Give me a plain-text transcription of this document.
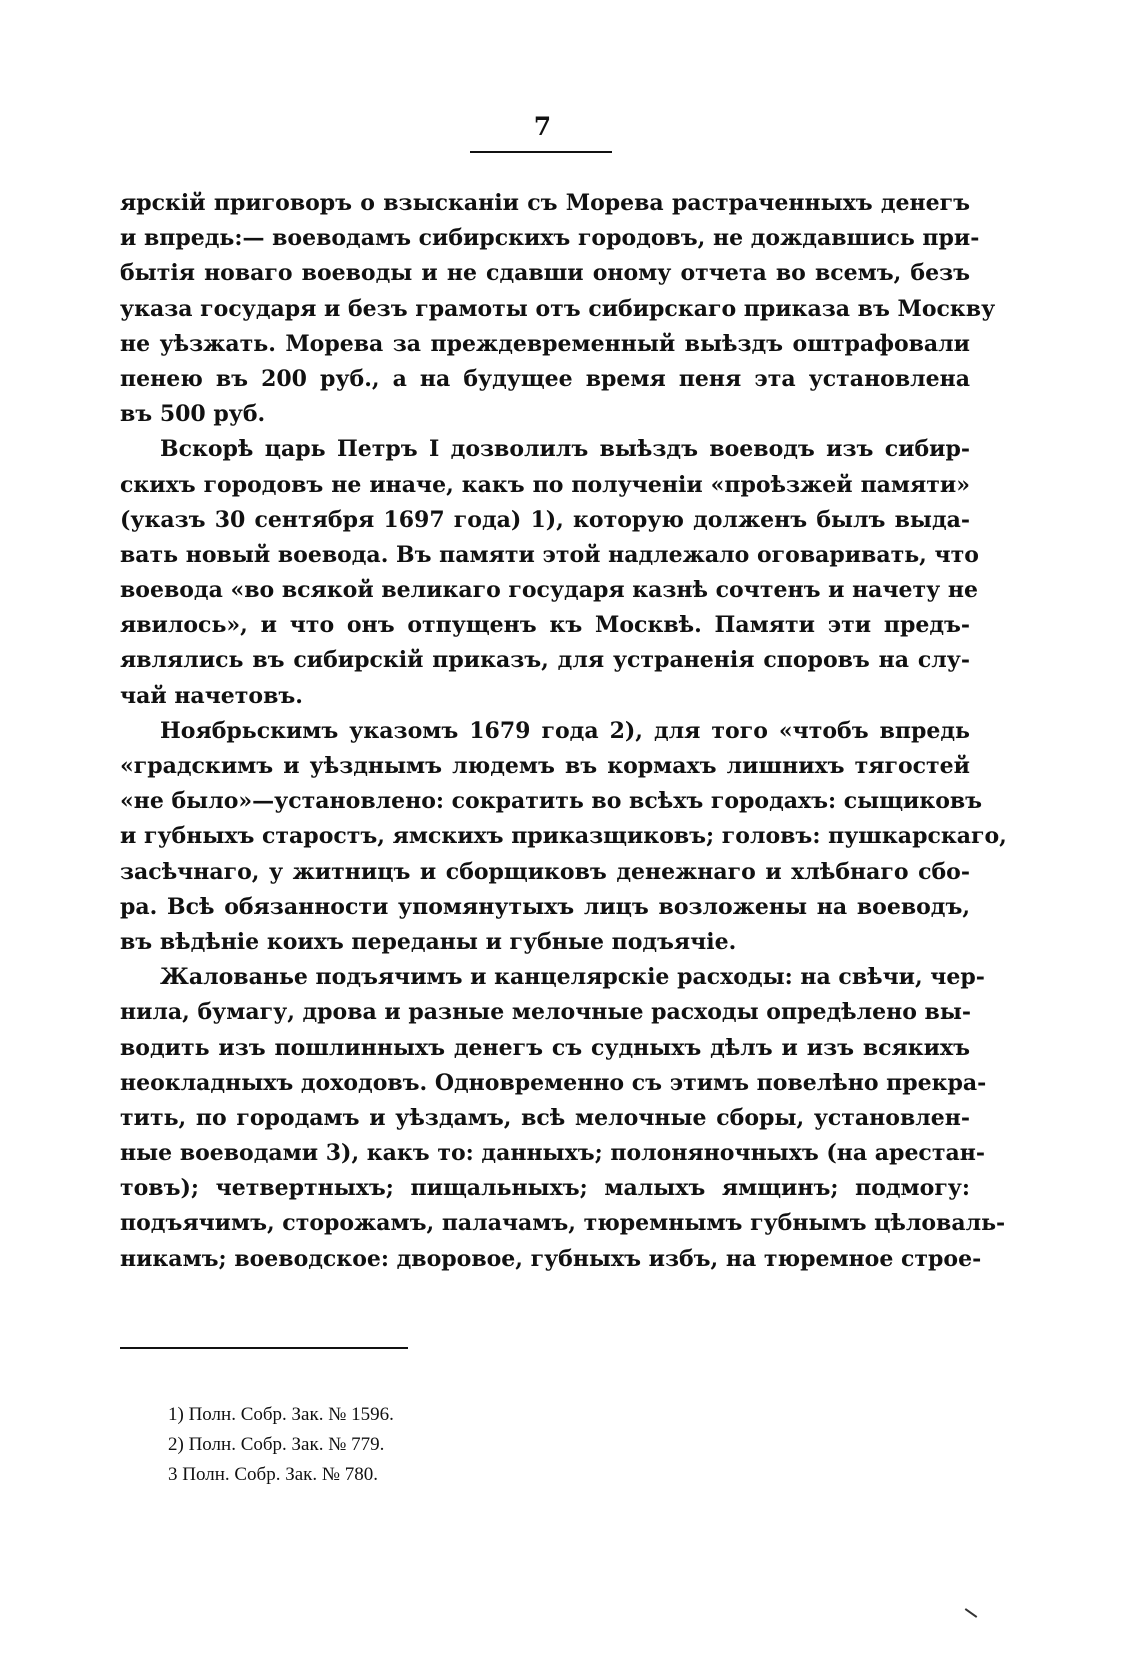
7
ярскій приговоръ о взысканіи съ Морева растраченныхъ денегъ
и впредь:— воеводамъ сибирскихъ городовъ, не дождавшись при-
бытія новаго воеводы и не сдавши оному отчета во всемъ, безъ
указа государя и безъ грамоты отъ сибирскаго приказа въ Москву
не уѣзжать. Морева за преждевременный выѣздъ оштрафовали
пенею въ 200 руб., а на будущее время пеня эта установлена
въ 500 руб.
Вскорѣ царь Петръ I дозволилъ выѣздъ воеводъ изъ сибир-
скихъ городовъ не иначе, какъ по полученіи «проѣзжей памяти»
(указъ 30 сентября 1697 года) 1), которую долженъ былъ выда-
вать новый воевода. Въ памяти этой надлежало оговаривать, что
воевода «во всякой великаго государя казнѣ сочтенъ и начету не
явилось», и что онъ отпущенъ къ Москвѣ. Памяти эти предъ-
являлись въ сибирскій приказъ, для устраненія споровъ на слу-
чай начетовъ.
Ноябрьскимъ указомъ 1679 года 2), для того «чтобъ впредь
«градскимъ и уѣзднымъ людемъ въ кормахъ лишнихъ тягостей
«не было»—установлено: сократить во всѣхъ городахъ: сыщиковъ
и губныхъ старостъ, ямскихъ приказщиковъ; головъ: пушкарскаго,
засѣчнаго, у житницъ и сборщиковъ денежнаго и хлѣбнаго сбо-
ра. Всѣ обязанности упомянутыхъ лицъ возложены на воеводъ,
въ вѣдѣніе коихъ переданы и губные подъячіе.
Жалованье подъячимъ и канцелярскіе расходы: на свѣчи, чер-
нила, бумагу, дрова и разные мелочные расходы опредѣлено вы-
водить изъ пошлинныхъ денегъ съ судныхъ дѣлъ и изъ всякихъ
неокладныхъ доходовъ. Одновременно съ этимъ повелѣно прекра-
тить, по городамъ и уѣздамъ, всѣ мелочные сборы, установлен-
ные воеводами 3), какъ то: данныхъ; полоняночныхъ (на арестан-
товъ); четвертныхъ; пищальныхъ; малыхъ ямщинъ; подмогу:
подъячимъ, сторожамъ, палачамъ, тюремнымъ губнымъ цѣловаль-
никамъ; воеводское: дворовое, губныхъ избъ, на тюремное строе-
1) Полн. Собр. Зак. № 1596.
2) Полн. Собр. Зак. № 779.
3 Полн. Собр. Зак. № 780.
